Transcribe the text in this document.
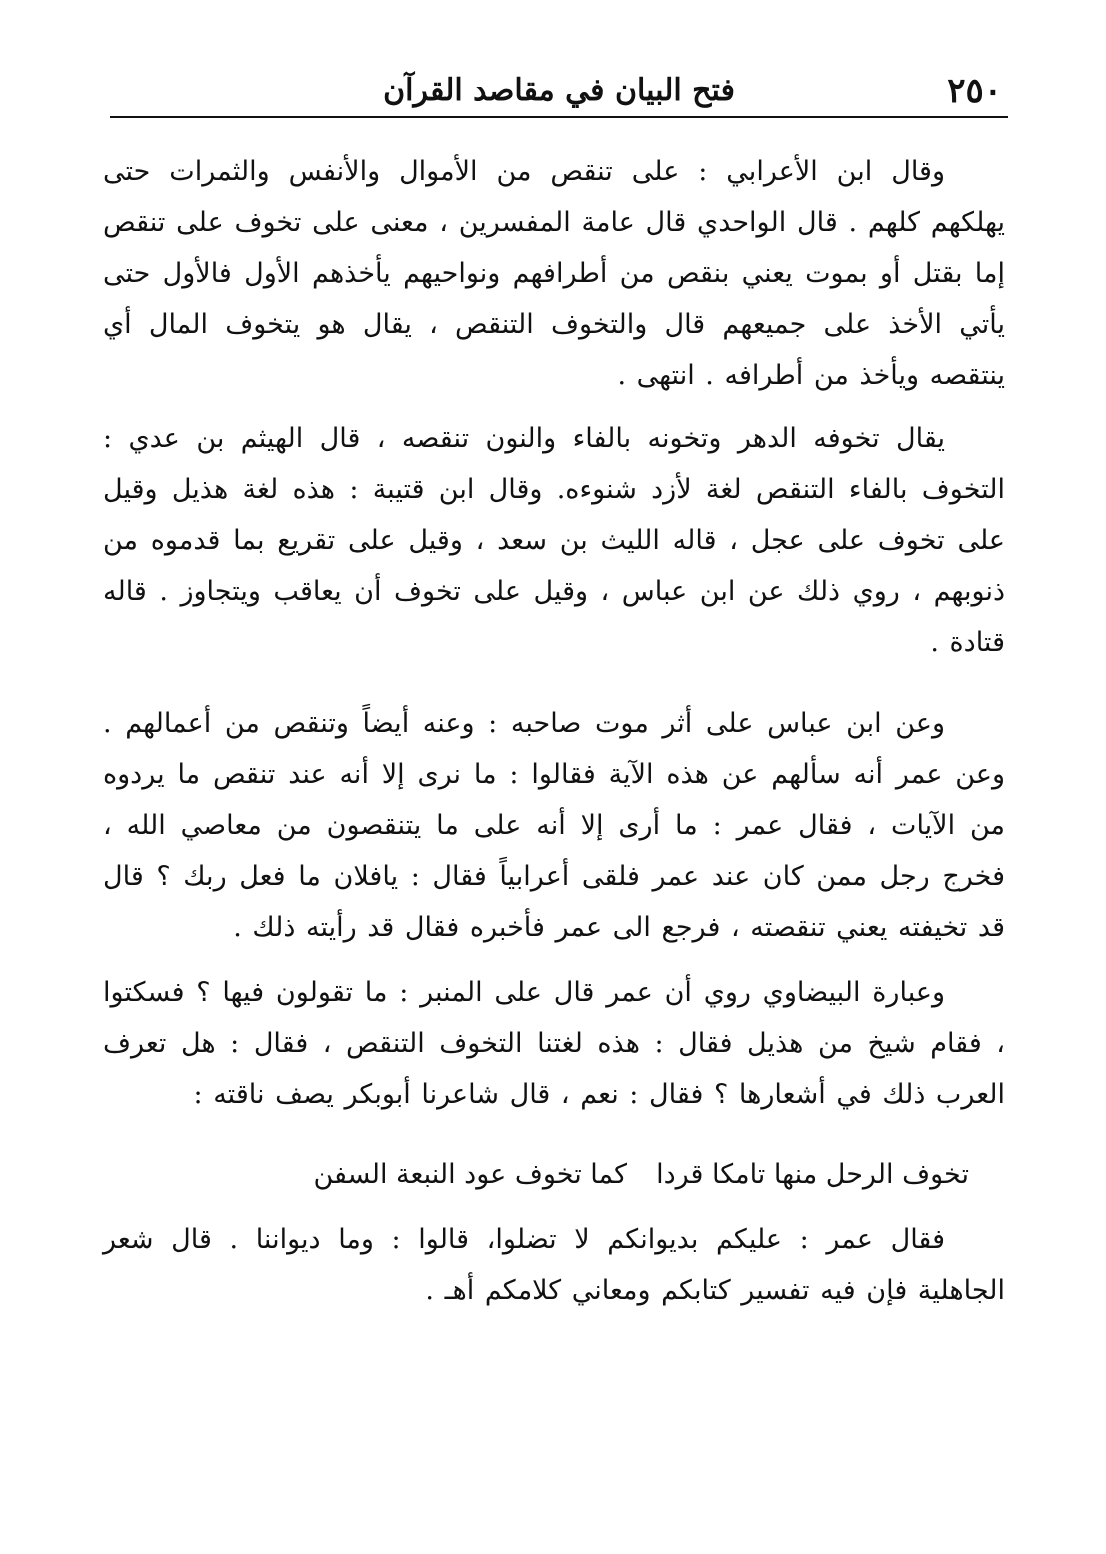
٢٥٠
فتح البيان في مقاصد القرآن

وقال ابن الأعرابي : على تنقص من الأموال والأنفس والثمرات حتى يهلكهم كلهم . قال الواحدي قال عامة المفسرين ، معنى على تخوف على تنقص إما بقتل أو بموت يعني بنقص من أطرافهم ونواحيهم يأخذهم الأول فالأول حتى يأتي الأخذ على جميعهم قال والتخوف التنقص ، يقال هو يتخوف المال أي ينتقصه ويأخذ من أطرافه . انتهى .

يقال تخوفه الدهر وتخونه بالفاء والنون تنقصه ، قال الهيثم بن عدي : التخوف بالفاء التنقص لغة لأزد شنوءه. وقال ابن قتيبة : هذه لغة هذيل وقيل على تخوف على عجل ، قاله الليث بن سعد ، وقيل على تقريع بما قدموه من ذنوبهم ، روي ذلك عن ابن عباس ، وقيل على تخوف أن يعاقب ويتجاوز . قاله قتادة .

وعن ابن عباس على أثر موت صاحبه : وعنه أيضاً وتنقص من أعمالهم . وعن عمر أنه سألهم عن هذه الآية فقالوا : ما نرى إلا أنه عند تنقص ما يردوه من الآيات ، فقال عمر : ما أرى إلا أنه على ما يتنقصون من معاصي الله ، فخرج رجل ممن كان عند عمر فلقى أعرابياً فقال : يافلان ما فعل ربك ؟ قال قد تخيفته يعني تنقصته ، فرجع الى عمر فأخبره فقال قد رأيته ذلك .

وعبارة البيضاوي روي أن عمر قال على المنبر : ما تقولون فيها ؟ فسكتوا ، فقام شيخ من هذيل فقال : هذه لغتنا التخوف التنقص ، فقال : هل تعرف العرب ذلك في أشعارها ؟ فقال : نعم ، قال شاعرنا أبوبكر يصف ناقته :

تخوف الرحل منها تامكا قردا
كما تخوف عود النبعة السفن

فقال عمر : عليكم بديوانكم لا تضلوا، قالوا : وما ديواننا . قال شعر الجاهلية فإن فيه تفسير كتابكم ومعاني كلامكم أهـ .
